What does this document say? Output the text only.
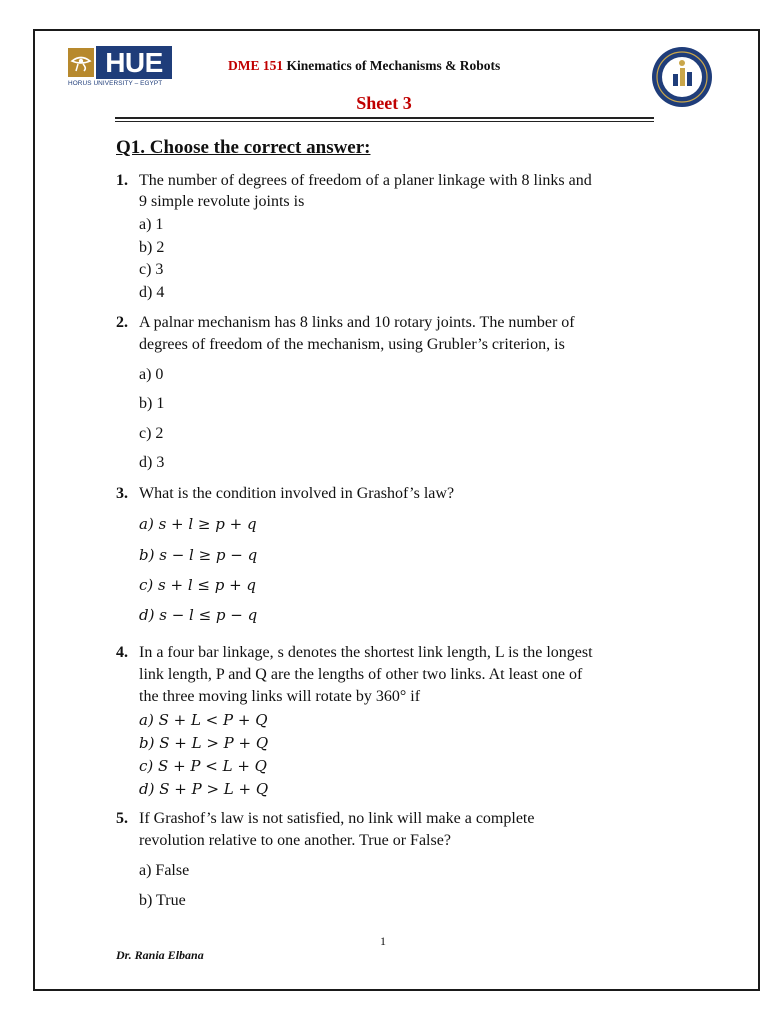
HUE
HORUS UNIVERSITY – EGYPT
DME 151 Kinematics of Mechanisms & Robots
Sheet 3
Q1. Choose the correct answer:
1. The number of degrees of freedom of a planer linkage with 8 links and
9 simple revolute joints is
a) 1
b) 2
c) 3
d) 4
2. A palnar mechanism has 8 links and 10 rotary joints. The number of
degrees of freedom of the mechanism, using Grubler’s criterion, is
a) 0
b) 1
c) 2
d) 3
3. What is the condition involved in Grashof’s law?
a) s + l ≥ p + q
b) s − l ≥ p − q
c) s + l ≤ p + q
d) s − l ≤ p − q
4. In a four bar linkage, s denotes the shortest link length, L is the longest
link length, P and Q are the lengths of other two links. At least one of
the three moving links will rotate by 360° if
a) S + L < P + Q
b) S + L > P + Q
c) S + P < L + Q
d) S + P > L + Q
5. If Grashof’s law is not satisfied, no link will make a complete
revolution relative to one another. True or False?
a) False
b) True
1
Dr. Rania Elbana
